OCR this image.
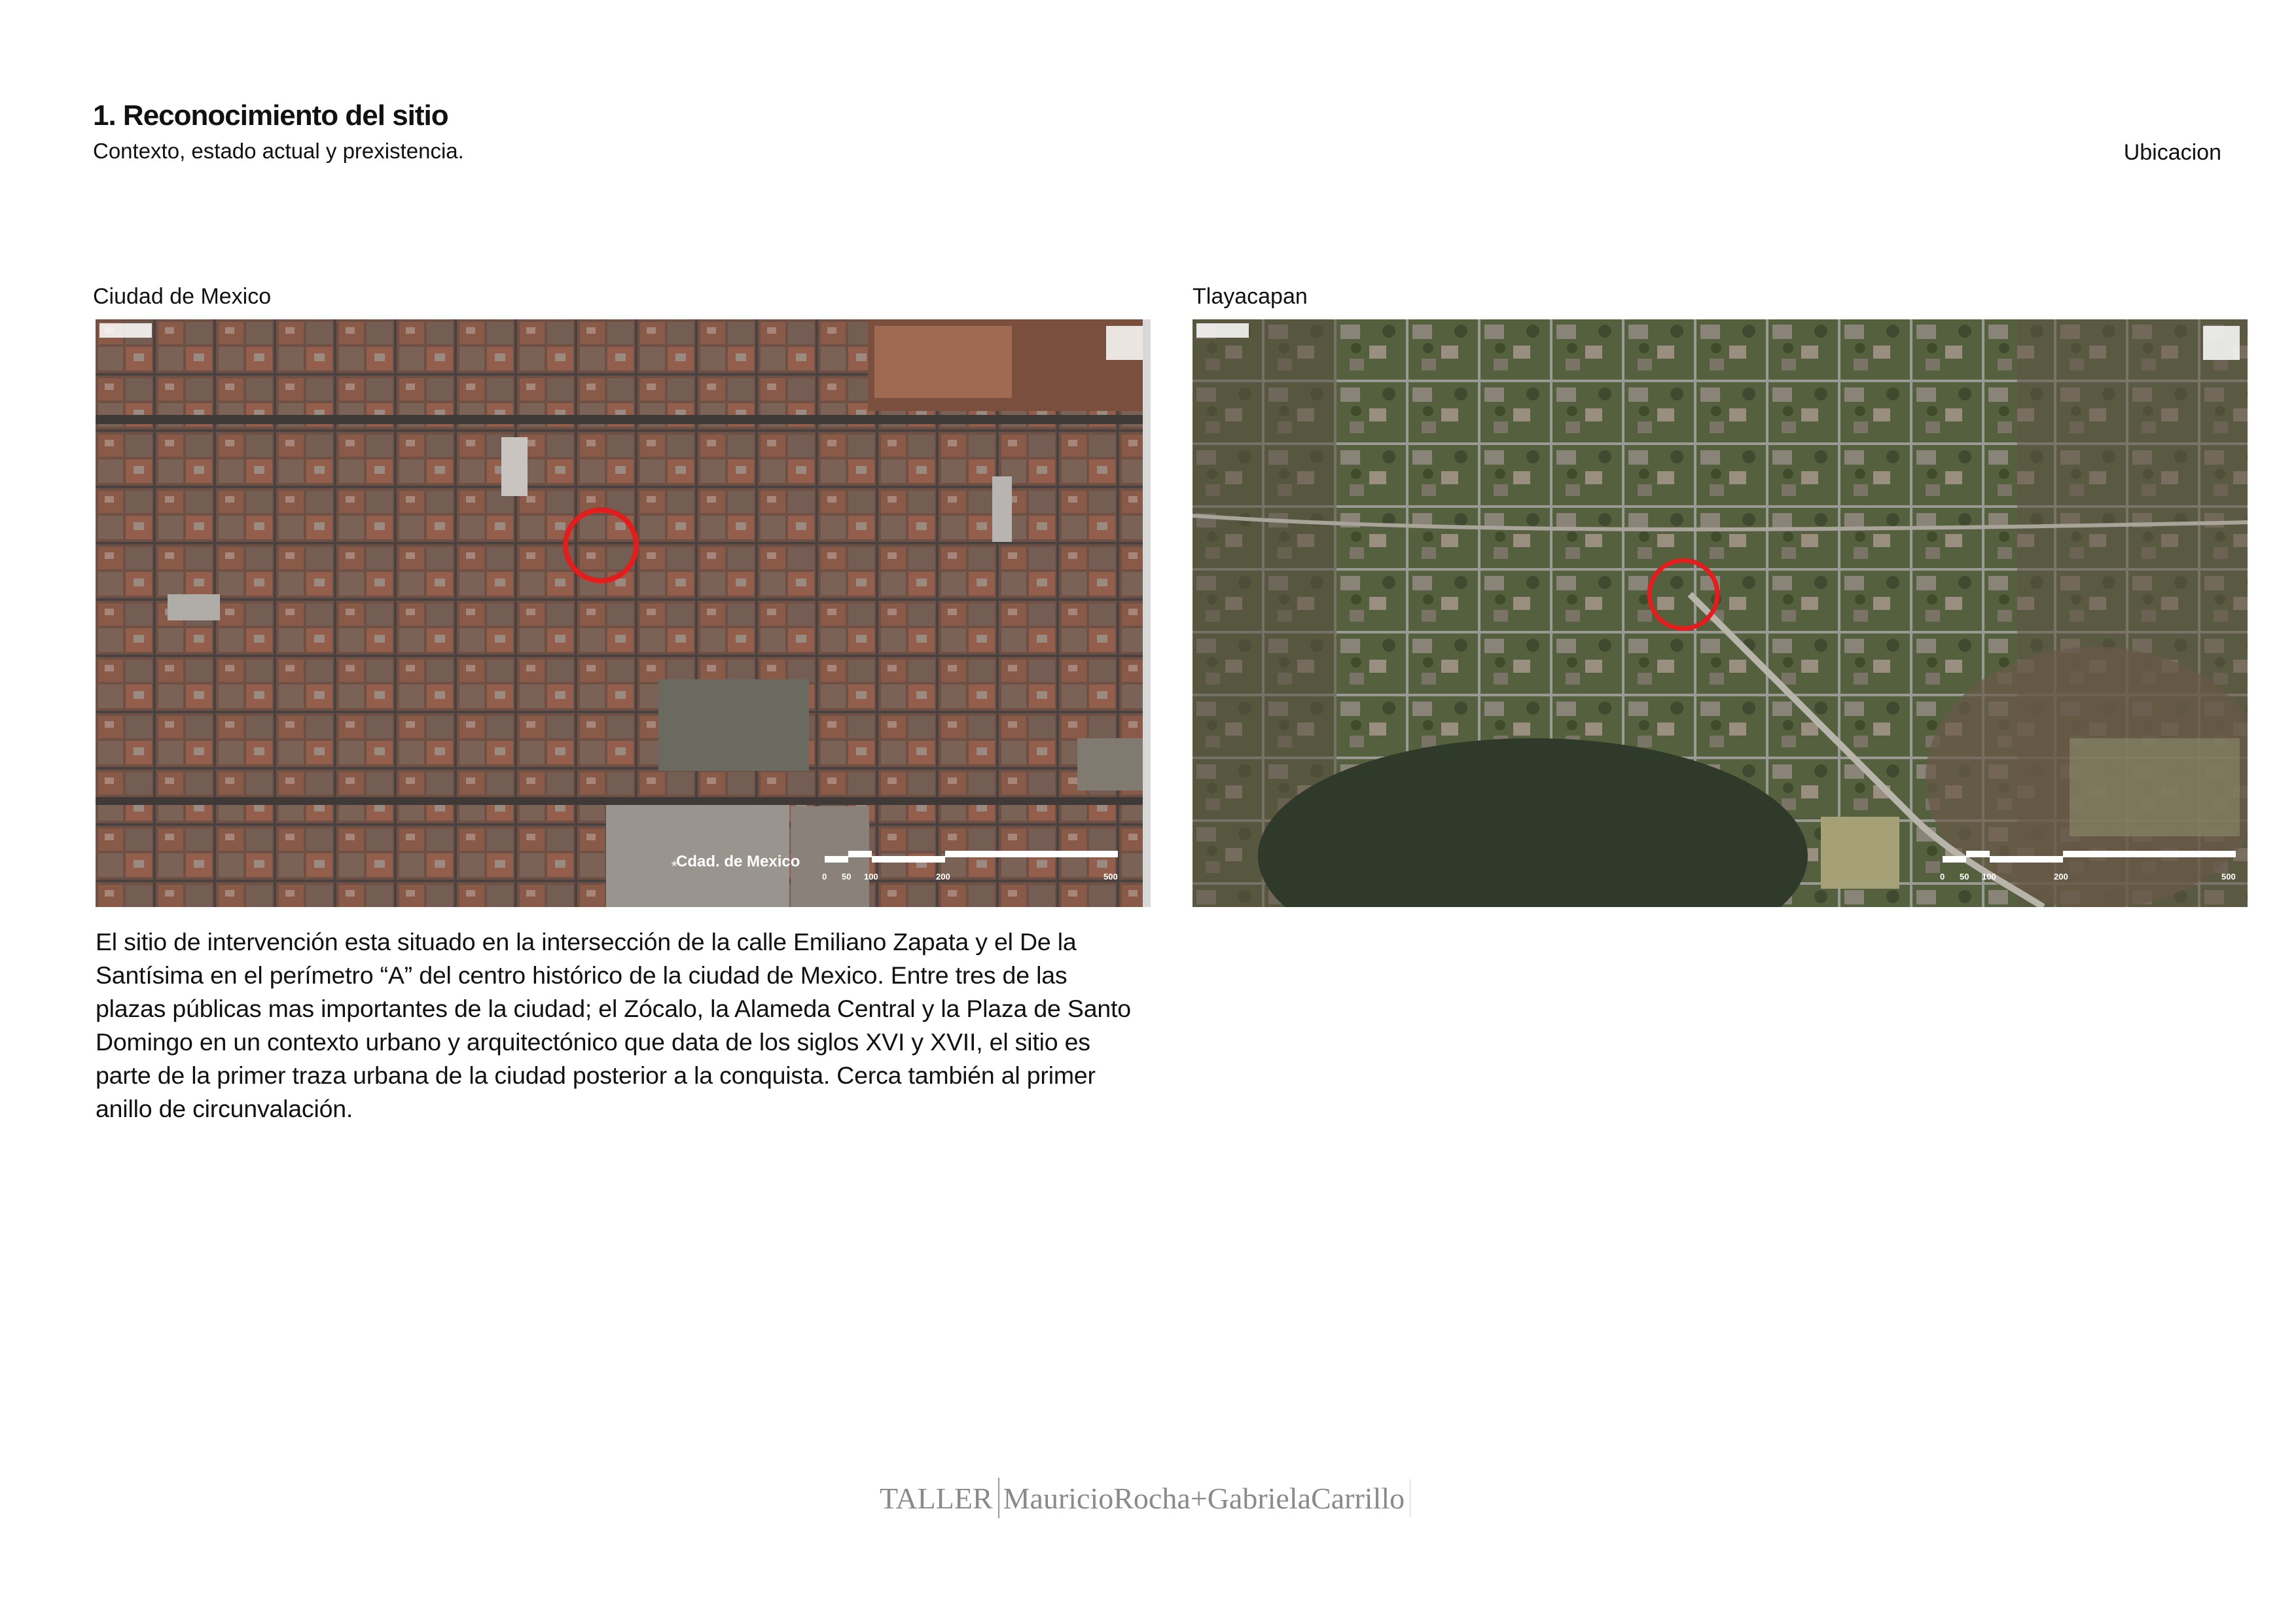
1. Reconocimiento del sitio
Contexto, estado actual y prexistencia.	Ubicacion
Ciudad de Mexico	Tlayacapan
★
Cdad. de Mexico
0 50 100	200	500	0 50 100	200	500
El sitio de intervención esta situado en la intersección de la calle Emiliano Zapata y el De la Santísima en el perímetro “A” del centro histórico de la ciudad de Mexico. Entre tres de las plazas públicas mas importantes de la ciudad; el Zócalo, la Alameda Central y la Plaza de Santo Domingo en un contexto urbano y arquitectónico que data de los siglos XVI y XVII, el sitio es parte de la primer traza urbana de la ciudad posterior a la conquista. Cerca también al primer anillo de circunvalación.
TALLER MauricioRocha+GabrielaCarrillo
